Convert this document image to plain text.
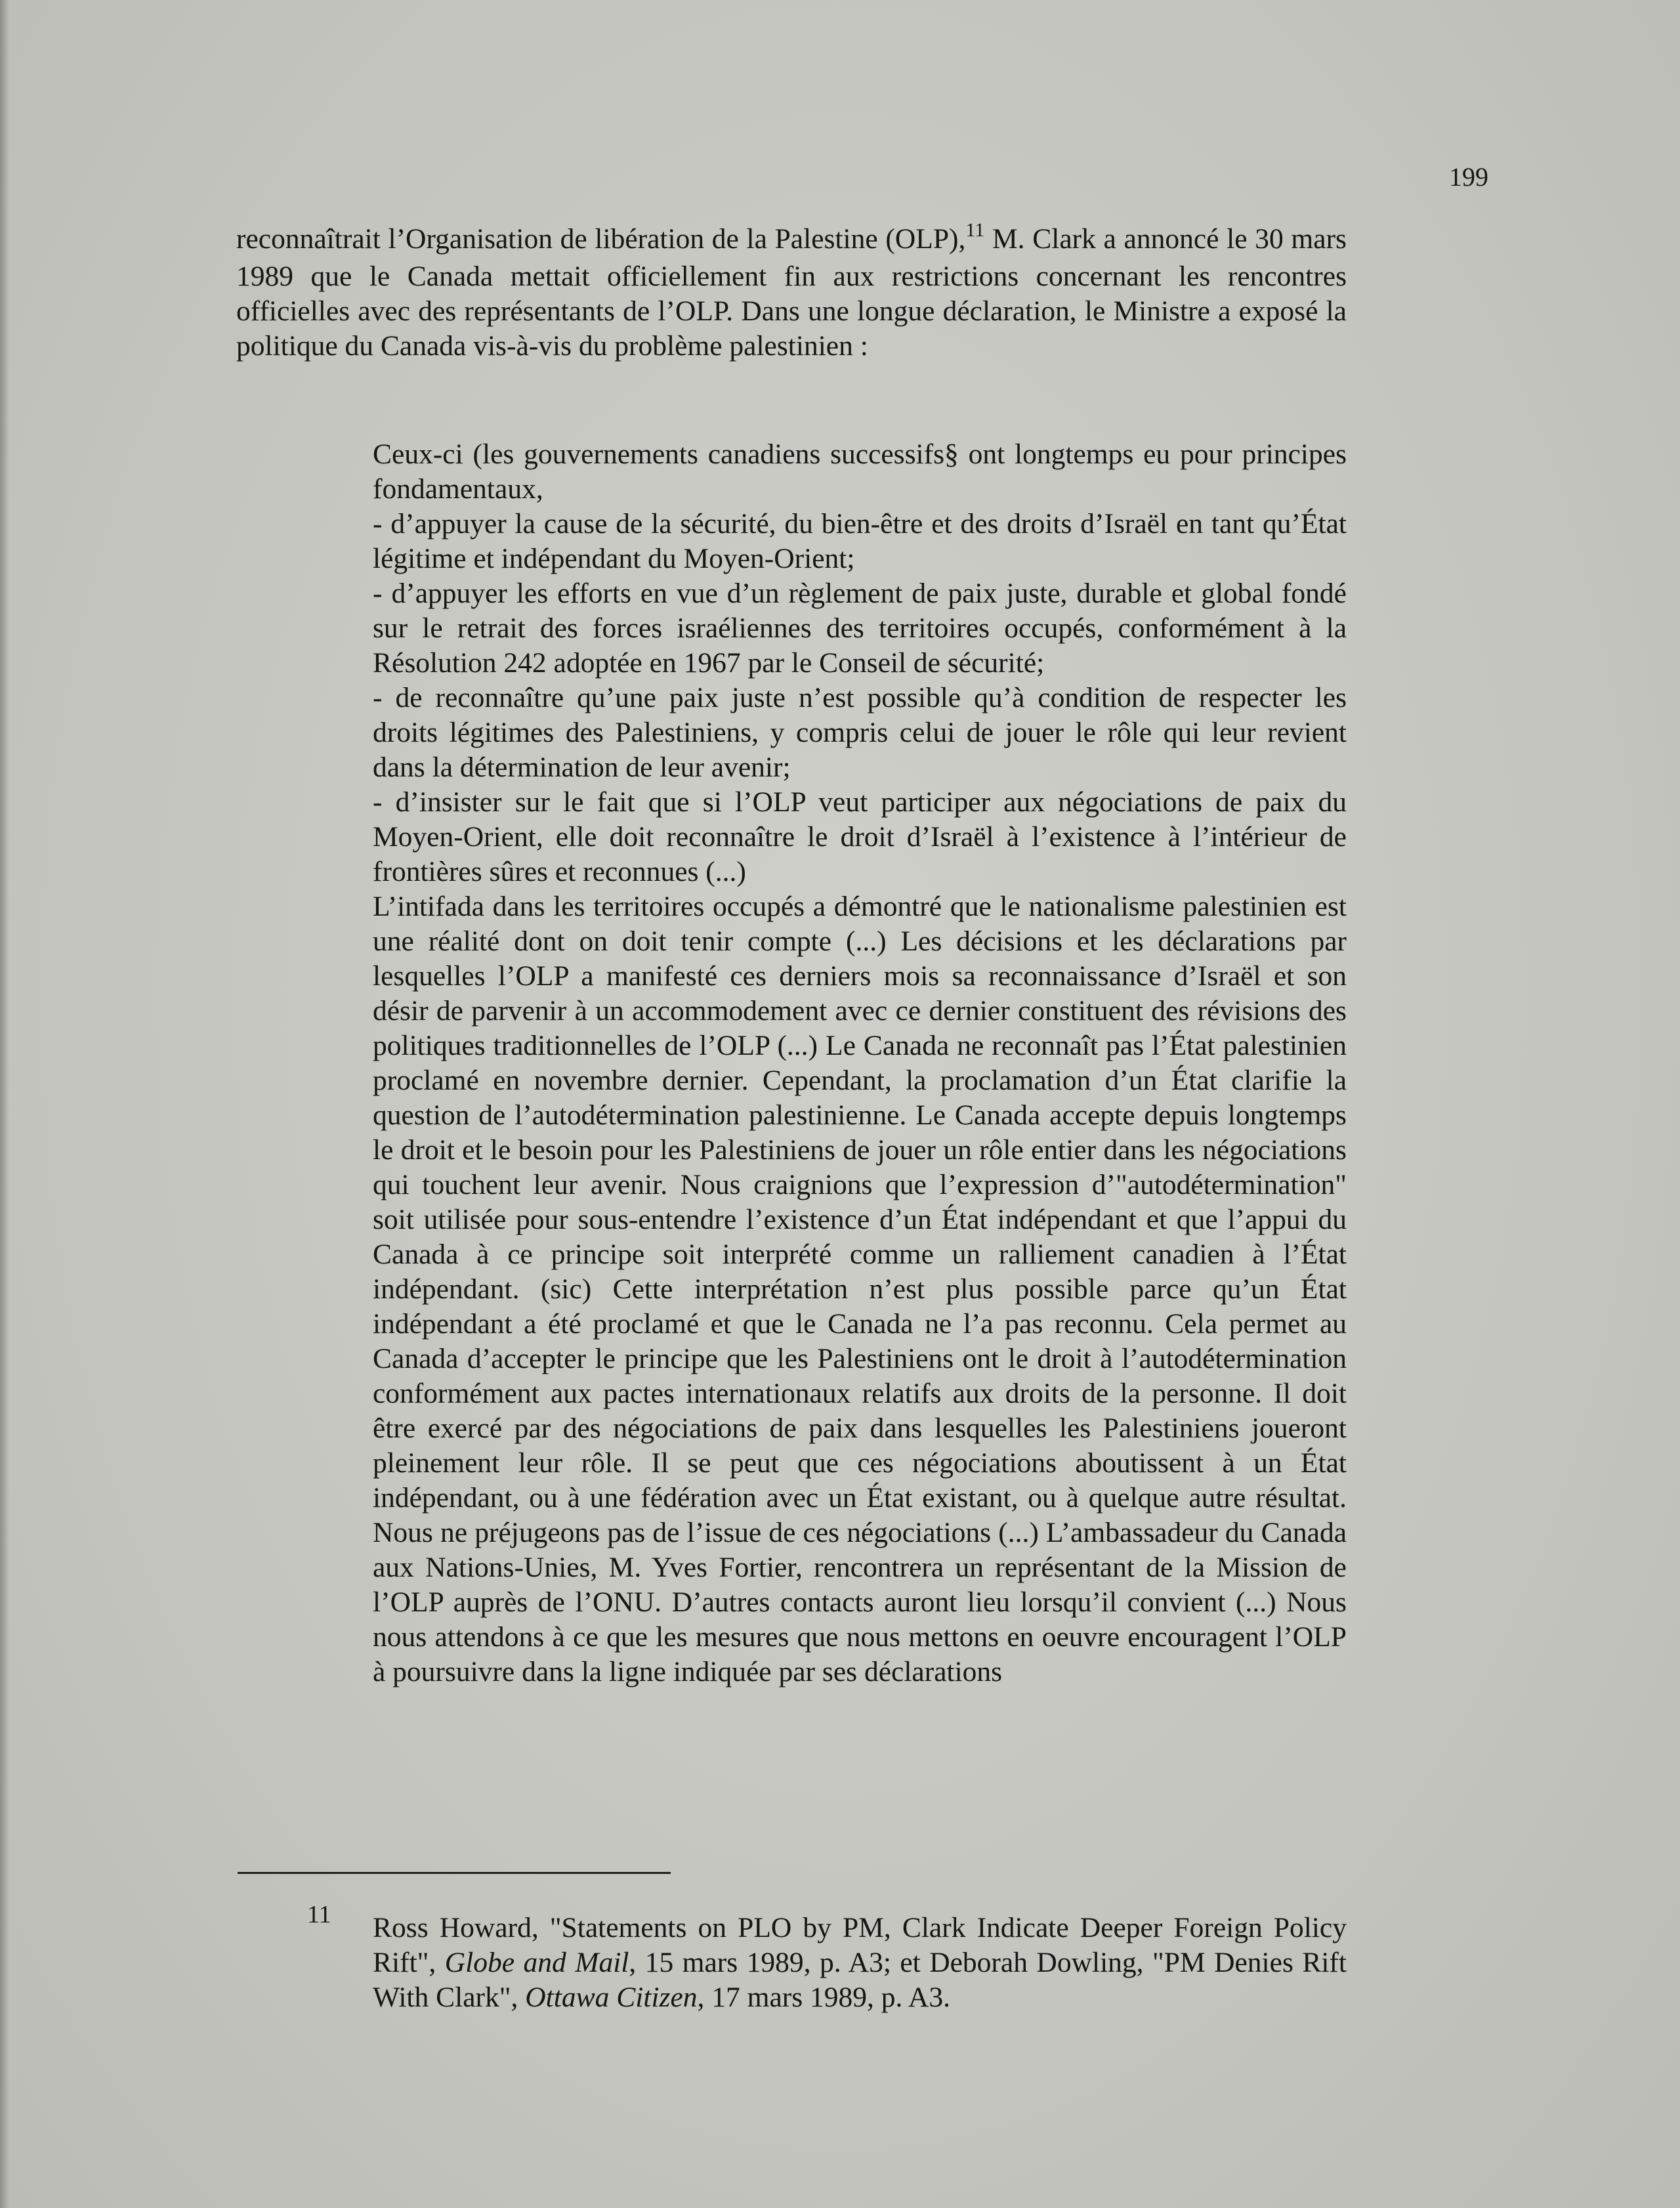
199

reconnaîtrait l’Organisation de libération de la Palestine (OLP),$^{11}$ M. Clark a annoncé le 30 mars 1989 que le Canada mettait officiellement fin aux restrictions concernant les rencontres officielles avec des représentants de l’OLP. Dans une longue déclaration, le Ministre a exposé la politique du Canada vis-à-vis du problème palestinien :

Ceux-ci (les gouvernements canadiens successifs§ ont longtemps eu pour principes fondamentaux,

- d’appuyer la cause de la sécurité, du bien-être et des droits d’Israël en tant qu’État légitime et indépendant du Moyen-Orient;

- d’appuyer les efforts en vue d’un règlement de paix juste, durable et global fondé sur le retrait des forces israéliennes des territoires occupés, conformément à la Résolution 242 adoptée en 1967 par le Conseil de sécurité;

- de reconnaître qu’une paix juste n’est possible qu’à condition de respecter les droits légitimes des Palestiniens, y compris celui de jouer le rôle qui leur revient dans la détermination de leur avenir;

- d’insister sur le fait que si l’OLP veut participer aux négociations de paix du Moyen-Orient, elle doit reconnaître le droit d’Israël à l’existence à l’intérieur de frontières sûres et reconnues (...)

L’intifada dans les territoires occupés a démontré que le nationalisme palestinien est une réalité dont on doit tenir compte (...) Les décisions et les déclarations par lesquelles l’OLP a manifesté ces derniers mois sa reconnaissance d’Israël et son désir de parvenir à un accommodement avec ce dernier constituent des révisions des politiques traditionnelles de l’OLP (...) Le Canada ne reconnaît pas l’État palestinien proclamé en novembre dernier. Cependant, la proclamation d’un État clarifie la question de l’autodétermination palestinienne. Le Canada accepte depuis longtemps le droit et le besoin pour les Palestiniens de jouer un rôle entier dans les négociations qui touchent leur avenir. Nous craignions que l’expression d’"autodétermination" soit utilisée pour sous-entendre l’existence d’un État indépendant et que l’appui du Canada à ce principe soit interprété comme un ralliement canadien à l’État indépendant. (sic) Cette interprétation n’est plus possible parce qu’un État indépendant a été proclamé et que le Canada ne l’a pas reconnu. Cela permet au Canada d’accepter le principe que les Palestiniens ont le droit à l’autodétermination conformément aux pactes internationaux relatifs aux droits de la personne. Il doit être exercé par des négociations de paix dans lesquelles les Palestiniens joueront pleinement leur rôle. Il se peut que ces négociations aboutissent à un État indépendant, ou à une fédération avec un État existant, ou à quelque autre résultat. Nous ne préjugeons pas de l’issue de ces négociations (...) L’ambassadeur du Canada aux Nations-Unies, M. Yves Fortier, rencontrera un représentant de la Mission de l’OLP auprès de l’ONU. D’autres contacts auront lieu lorsqu’il convient (...) Nous nous attendons à ce que les mesures que nous mettons en oeuvre encouragent l’OLP à poursuivre dans la ligne indiquée par ses déclarations

11 Ross Howard, "Statements on PLO by PM, Clark Indicate Deeper Foreign Policy Rift", Globe and Mail, 15 mars 1989, p. A3; et Deborah Dowling, "PM Denies Rift With Clark", Ottawa Citizen, 17 mars 1989, p. A3.
